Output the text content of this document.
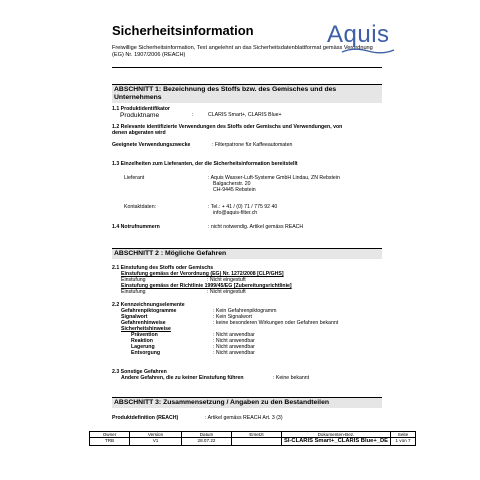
Sicherheitsinformation
Freiwillige Sicherheitsinformation, Text angelehnt an das Sicherheitsdatenblattformat gemäss Verordnung (EG) Nr. 1907/2006 (REACH)
Aquis
ABSCHNITT 1: Bezeichnung des Stoffs bzw. des Gemisches und des
Unternehmens
1.1 Produktidentifikator
Produktname	:	CLARIS Smart+, CLARIS Blue+
1.2 Relevante identifizierte Verwendungen des Stoffs oder Gemischs und Verwendungen, von
denen abgeraten wird
Geeignete Verwendungszwecke	: Filterpatrone für Kaffeeautomaten
1.3 Einzelheiten zum Lieferanten, der die Sicherheitsinformation bereitstellt
Lieferant	: Aquis Wasser-Luft-Systeme GmbH Lindau, ZN Rebstein
Balgacherstr. 20
CH-9445 Rebstein
Kontaktdaten:	: Tel.: + 41 / (0) 71 / 775 92 40
info@aquis-filter.ch
1.4 Notrufnummern	: nicht notwendig. Artikel gemäss REACH
ABSCHNITT 2 : Mögliche Gefahren
2.1 Einstufung des Stoffs oder Gemischs
Einstufung gemäss der Verordnung (EG) Nr. 1272/2008 [CLP/GHS]
Einstufung	: Nicht eingestuft
Einstufung gemäss der Richtlinie 1999/45/EG [Zubereitungsrichtlinie]
Einstufung	: Nicht eingestuft
2.2 Kennzeichnungselemente
Gefahrenpiktogramme	: Kein Gefahrenpiktogramm
Signalwort	: Kein Signalwort
Gefahrenhinweise	: keine besonderen Wirkungen oder Gefahren bekannt
Sicherheitshinweise
Prävention	: Nicht anwendbar
Reaktion	: Nicht anwendbar
Lagerung	: Nicht anwendbar
Entsorgung	: Nicht anwendbar
2.3 Sonstige Gefahren
Andere Gefahren, die zu keiner Einstufung führen	: Keine bekannt
ABSCHNITT 3: Zusammensetzung / Angaben zu den Bestandteilen
Produktdefinition (REACH)	: Artikel gemäss REACH Art. 3 (3)
Owner	Version	Datum	Ersetzt	Dokumenten-Bez.	Seite
TRB	V1	28.07.22		SI-CLARIS Smart+_CLARIS Blue+_DE	1 von 7
